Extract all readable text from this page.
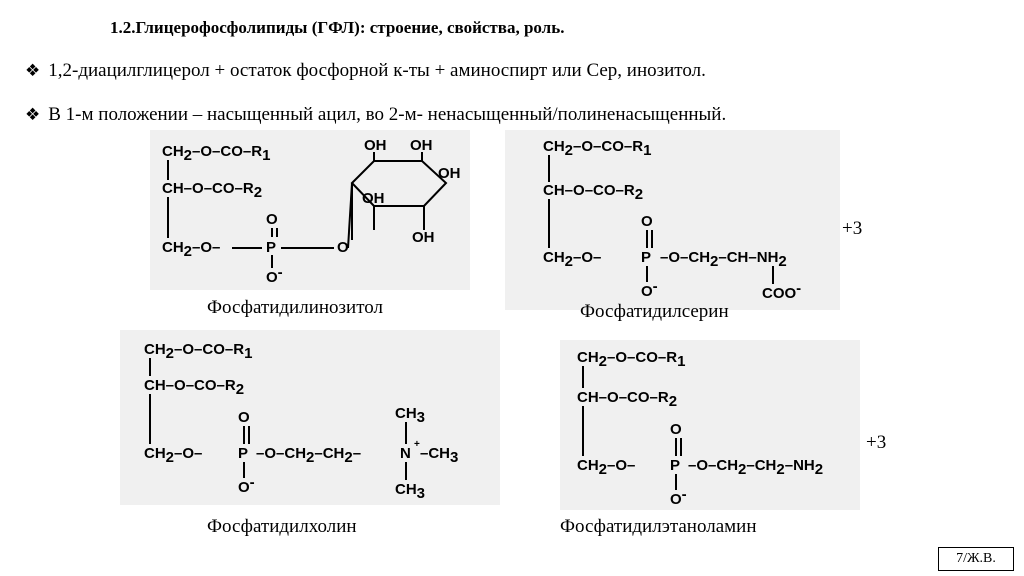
1.2.Глицерофосфолипиды (ГФЛ): строение, свойства, роль.
❖ 1,2-диацилглицерол + остаток фосфорной к-ты + аминоспирт или Сер, инозитол.
❖ В 1-м положении – насыщенный ацил, во 2-м- ненасыщенный/полиненасыщенный.
CH2–O–CO–R1
CH–O–CO–R2
CH2–O–	P
O
O-
O
OH OH
OH
OH
OH
CH2–O–CO–R1
CH–O–CO–R2
CH2–O–	P
O
O-
–O–CH2–CH–NH2
COO-
CH2–O–CO–R1
CH–O–CO–R2
CH2–O– P
O
O-
–O–CH2–CH2–	N
+
–CH3
CH3
CH3
CH2–O–CO–R1
CH–O–CO–R2
CH2–O– P
O
O-
–O–CH2–CH2–NH2
+3
+3
Фосфатидилинозитол	Фосфатидилсерин
Фосфатидилхолин	Фосфатидилэтаноламин
7/Ж.В.
